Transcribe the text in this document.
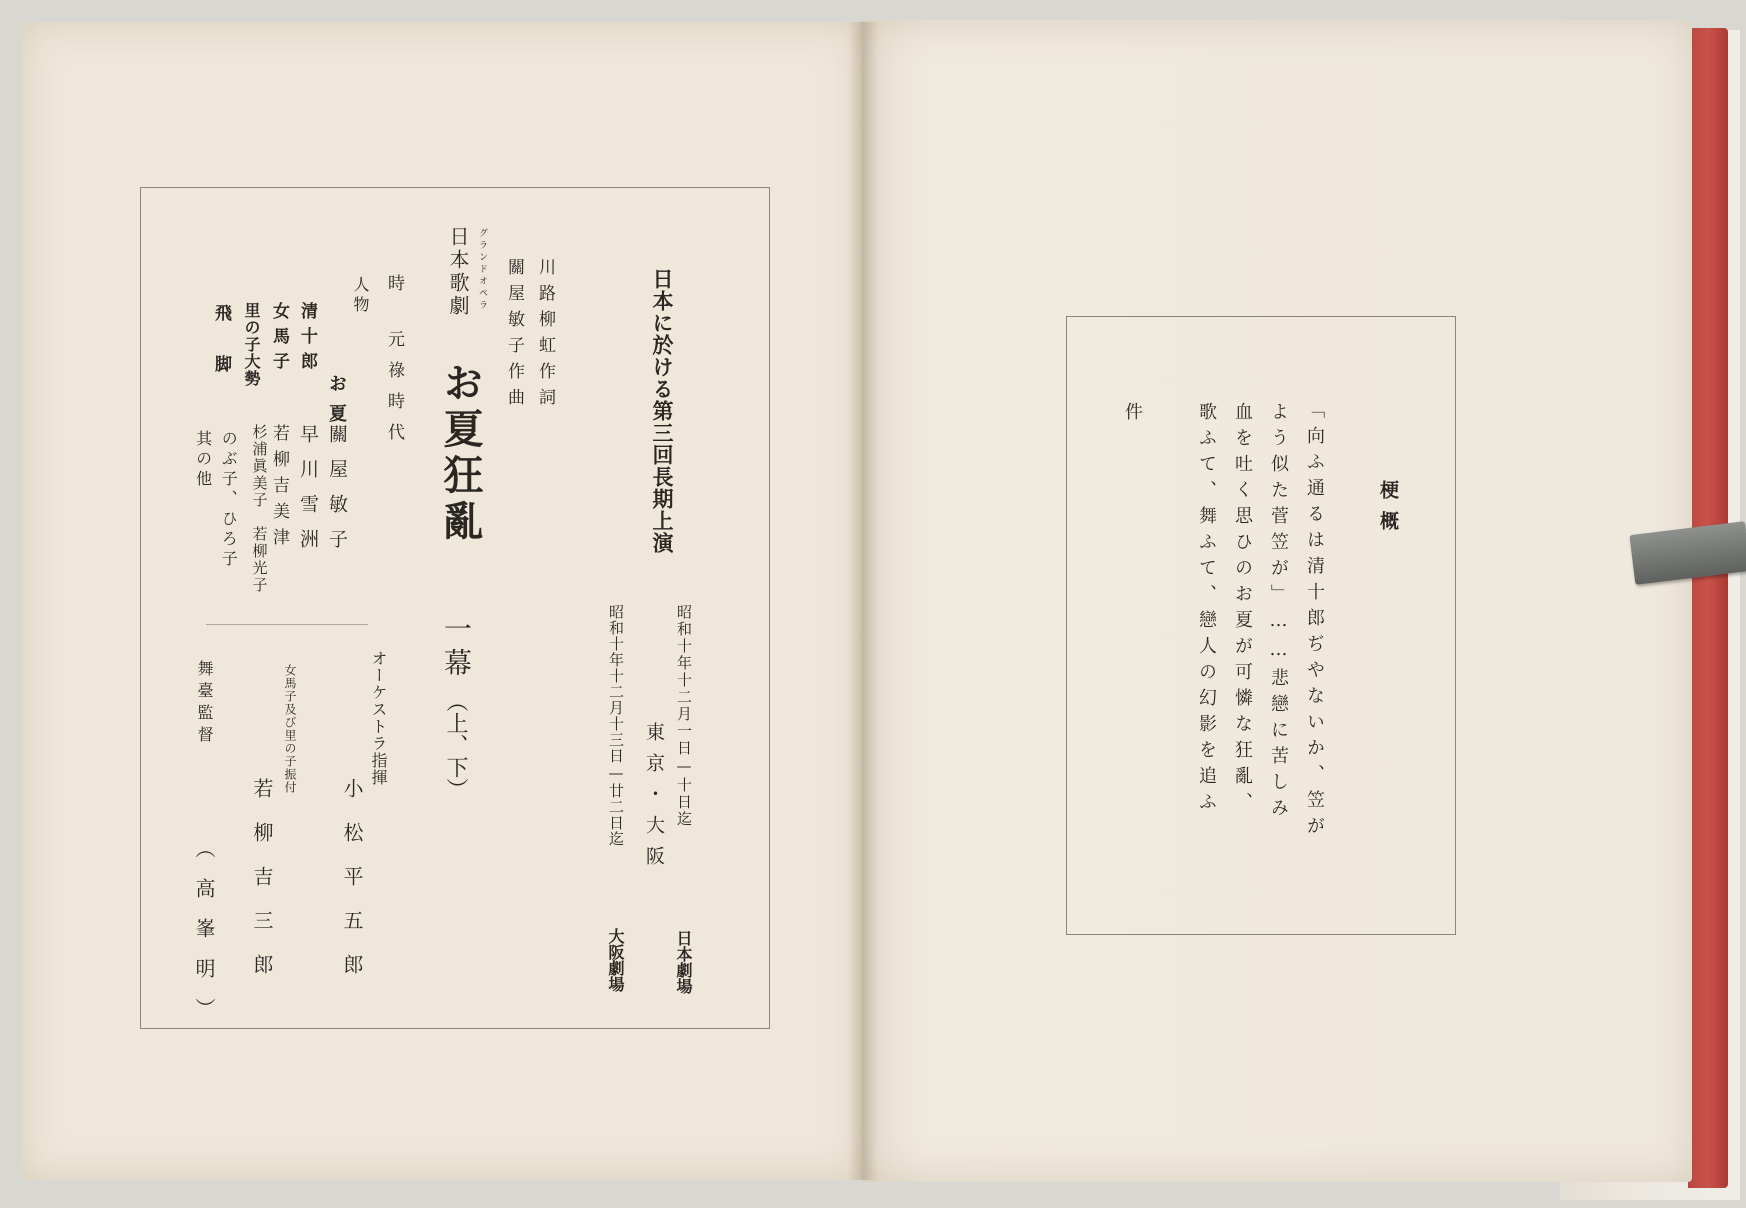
日本に於ける第三回長期上演
昭和十年十二月一日—十日迄
日本劇場
東京・大阪
昭和十年十二月十三日—廿二日迄
大阪劇場
川路柳虹作詞
關屋敏子作曲
グランドオペラ
日本歌劇
お夏狂亂
一幕
（上、下）
時
元祿時代
人物
お夏
關屋敏子
清十郎
早川雪洲
女馬子
若柳吉美津
里の子大勢
杉浦眞美子　若柳光子
飛脚
のぶ子、ひろ子　其の他
オーケストラ指揮
小松平五郎
女馬子及び里の子振付
若柳吉三郎
舞臺監督
（高峯明）
梗概
「向ふ通るは清十郎ぢやないか、笠が
よう似た菅笠が」……悲戀に苦しみ
血を吐く思ひのお夏が可憐な狂亂、
歌ふて、舞ふて、戀人の幻影を追ふ
件
